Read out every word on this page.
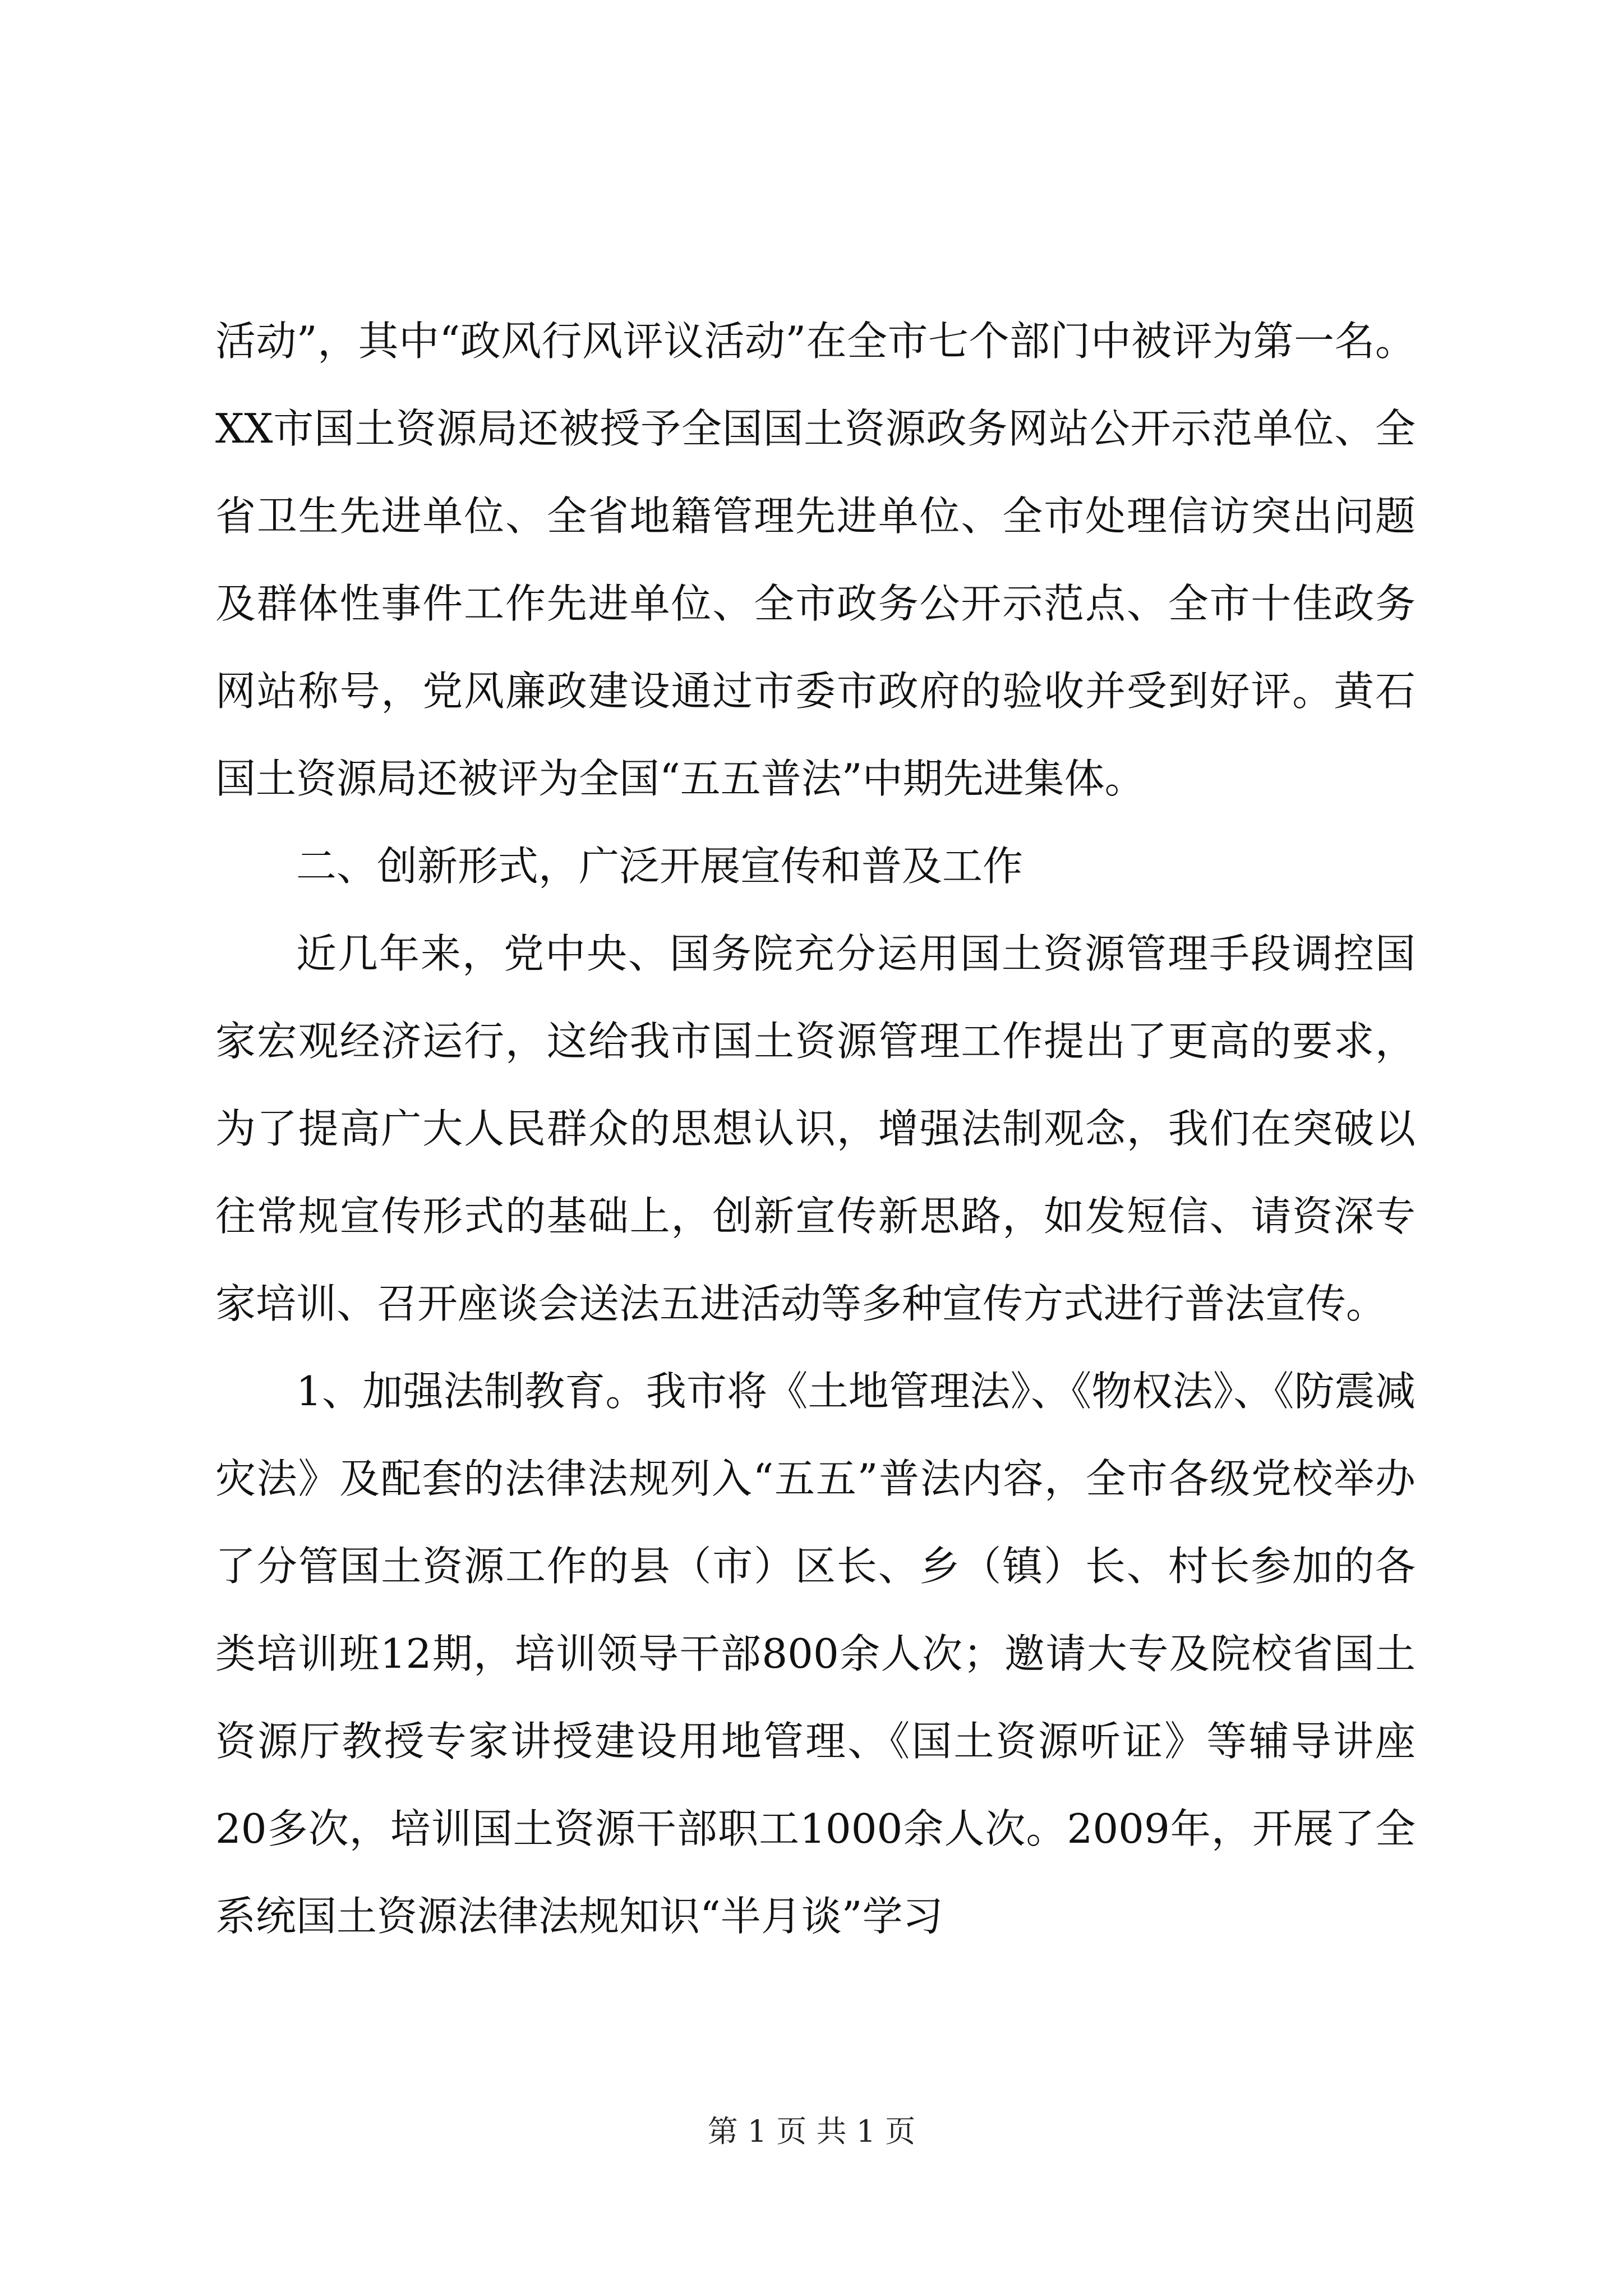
活动”，其中“政风行风评议活动”在全市七个部门中被评为第一名。XX市国土资源局还被授予全国国土资源政务网站公开示范单位、全省卫生先进单位、全省地籍管理先进单位、全市处理信访突出问题及群体性事件工作先进单位、全市政务公开示范点、全市十佳政务网站称号，党风廉政建设通过市委市政府的验收并受到好评。黄石国土资源局还被评为全国“五五普法”中期先进集体。

二、创新形式，广泛开展宣传和普及工作

近几年来，党中央、国务院充分运用国土资源管理手段调控国家宏观经济运行，这给我市国土资源管理工作提出了更高的要求，为了提高广大人民群众的思想认识，增强法制观念，我们在突破以往常规宣传形式的基础上，创新宣传新思路，如发短信、请资深专家培训、召开座谈会送法五进活动等多种宣传方式进行普法宣传。

1、加强法制教育。我市将《土地管理法》、《物权法》、《防震减灾法》及配套的法律法规列入“五五”普法内容，全市各级党校举办了分管国土资源工作的县（市）区长、乡（镇）长、村长参加的各类培训班12期，培训领导干部800余人次；邀请大专及院校省国土资源厅教授专家讲授建设用地管理、《国土资源听证》等辅导讲座20多次，培训国土资源干部职工1000余人次。2009年，开展了全系统国土资源法律法规知识“半月谈”学习

第 1 页 共 1 页
